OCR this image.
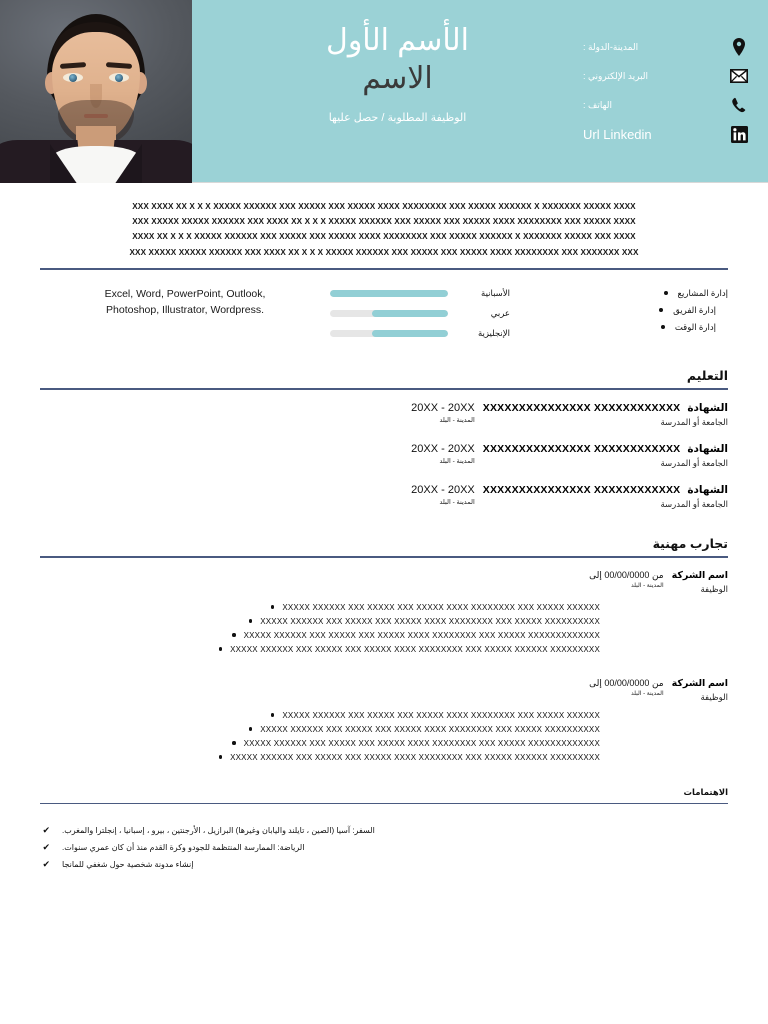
المدينة-الدولة :
البريد الإلكتروني :
الهاتف :
Url Linkedin
الأسم الأول
الاسم
الوظيفة المطلوبة / حصل عليها

XXX XXXX XX X X X XXXXX XXXXXX XXX XXXXX XXX XXXXX XXXX XXXXXXXX XXX XXXXX XXXXXX X XXXXXXX XXXXX XXXX

XXX XXXXX XXXXX XXXXXX XXX XXXX XX X X X XXXXX XXXXXX XXX XXXXX XXX XXXXX XXXX XXXXXXXX XXX XXXXX XXXX

XXXX XX X X X XXXXX XXXXXX XXX XXXXX XXX XXXXX XXXX XXXXXXXX XXX XXXXX XXXXXX X XXXXXXX XXXXX XXX XXXX

XXX XXXXX XXXXX XXXXXX XXX XXXX XX X X X XXXXX XXXXXX XXX XXXXX XXX XXXXX XXXX XXXXXXXX XXX XXXXXXX XXX

إدارة المشاريع
إدارة الفريق
إدارة الوقت
الأسبانية
عربي
الإنجليزية

Excel, Word, PowerPoint, Outlook,

Photoshop, Illustrator, Wordpress.

التعليم
الشهادة XXXXXXXXXXXXXXX XXXXXXXXXXXX
الجامعة أو المدرسة
20XX - 20XX
المدينة - البلد
الشهادة XXXXXXXXXXXXXXX XXXXXXXXXXXX
الجامعة أو المدرسة
20XX - 20XX
المدينة - البلد
الشهادة XXXXXXXXXXXXXXX XXXXXXXXXXXX
الجامعة أو المدرسة
20XX - 20XX
المدينة - البلد
تجارب مهنية
اسم الشركة
الوظيفة
من 00/00/0000 إلى
المدينة - البلد
XXXXX XXXXXX XXX XXXXX XXX XXXXX XXXX XXXXXXXX XXX XXXXX XXXXXX
XXXXX XXXXXX XXX XXXXX XXX XXXXX XXXX XXXXXXXX XXX XXXXX XXXXXXXXXX
XXXXX XXXXXX XXX XXXXX XXX XXXXX XXXX XXXXXXXX XXX XXXXX XXXXXXXXXXXXX
XXXXX XXXXXX XXX XXXXX XXX XXXXX XXXX XXXXXXXX XXX XXXXX XXXXXX XXXXXXXXX
اسم الشركة
الوظيفة
من 00/00/0000 إلى
المدينة - البلد
XXXXX XXXXXX XXX XXXXX XXX XXXXX XXXX XXXXXXXX XXX XXXXX XXXXXX
XXXXX XXXXXX XXX XXXXX XXX XXXXX XXXX XXXXXXXX XXX XXXXX XXXXXXXXXX
XXXXX XXXXXX XXX XXXXX XXX XXXXX XXXX XXXXXXXX XXX XXXXX XXXXXXXXXXXXX
XXXXX XXXXXX XXX XXXXX XXX XXXXX XXXX XXXXXXXX XXX XXXXX XXXXXX XXXXXXXXX
الاهتمامات
السفر: آسيا (الصين ، تايلند واليابان وغيرها) البرازيل ، الأرجنتين ، بيرو ، إسبانيا ، إنجلترا والمغرب.
✔
الرياضة: الممارسة المنتظمة للجودو وكرة القدم منذ أن كان عمري سنوات.
✔
إنشاء مدونة شخصية حول شغفي للمانجا
✔
